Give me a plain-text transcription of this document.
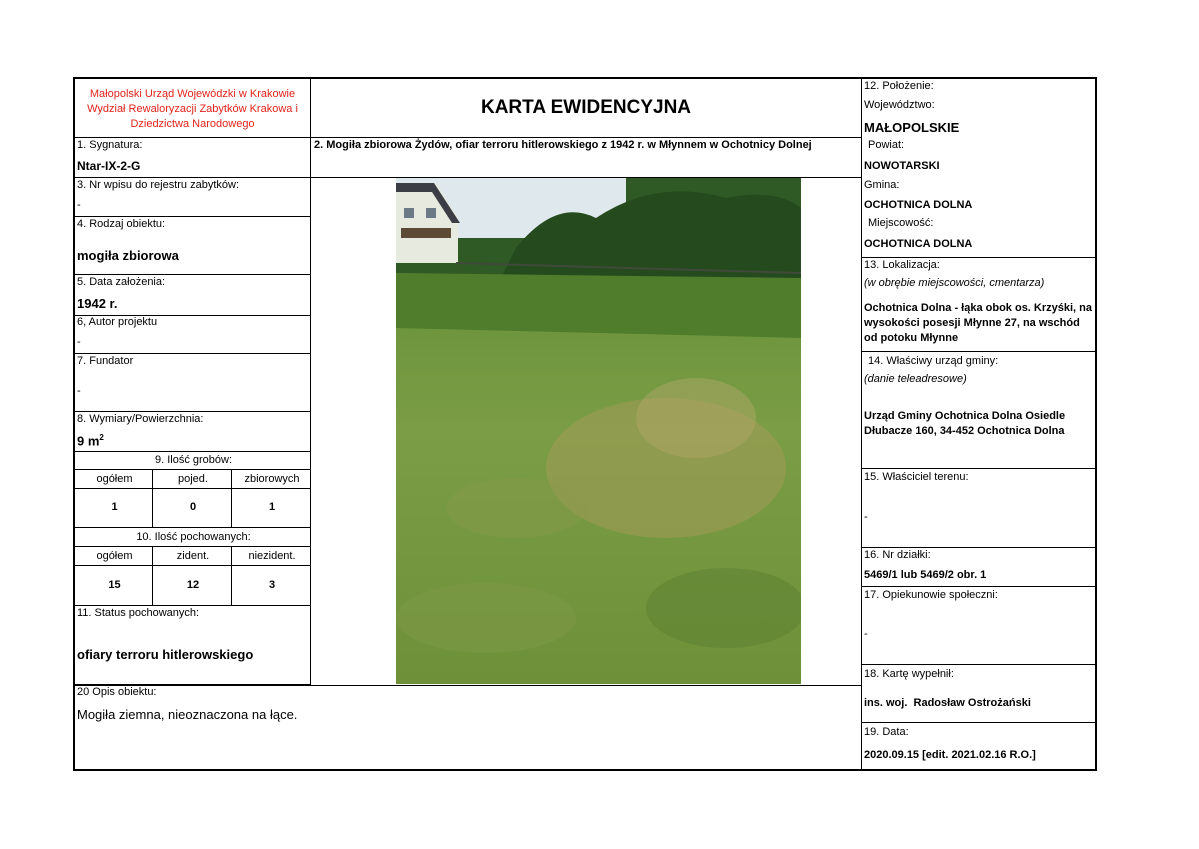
Małopolski Urząd Wojewódzki w Krakowie Wydział Rewaloryzacji Zabytków Krakowa i Dziedzictwa Narodowego
KARTA EWIDENCYJNA
1. Sygnatura:
Ntar-IX-2-G
3. Nr wpisu do rejestru zabytków:
-
4. Rodzaj obiektu:
mogiła zbiorowa
5. Data założenia:
1942 r.
6, Autor projektu
-
7. Fundator
-
8. Wymiary/Powierzchnia:
9 $m^2$
9. Ilość grobów:
ogółem	pojed.	zbiorowych
1	0	1
10. Ilość pochowanych:
ogółem	zident.	niezident.
15	12	3
11. Status pochowanych:
ofiary terroru hitlerowskiego
2. Mogiła zbiorowa Żydów, ofiar terroru hitlerowskiego z 1942 r. w Młynnem w Ochotnicy Dolnej
20 Opis obiektu:
Mogiła ziemna, nieoznaczona na łące.
12. Położenie:
Województwo:
MAŁOPOLSKIE
Powiat:
NOWOTARSKI
Gmina:
OCHOTNICA DOLNA
Miejscowość:
OCHOTNICA DOLNA
13. Lokalizacja:
(w obrębie miejscowości, cmentarza)
Ochotnica Dolna - łąka obok os. Krzyśki, na wysokości posesji Młynne 27, na wschód od potoku Młynne
14. Właściwy urząd gminy:
(danie teleadresowe)
Urząd Gminy Ochotnica Dolna Osiedle Dłubacze 160, 34-452 Ochotnica Dolna
15. Właściciel terenu:
-
16. Nr działki:
5469/1 lub 5469/2 obr. 1
17. Opiekunowie społeczni:
-
18. Kartę wypełnił:
ins. woj.  Radosław Ostrożański
19. Data:
2020.09.15 [edit. 2021.02.16 R.O.]
